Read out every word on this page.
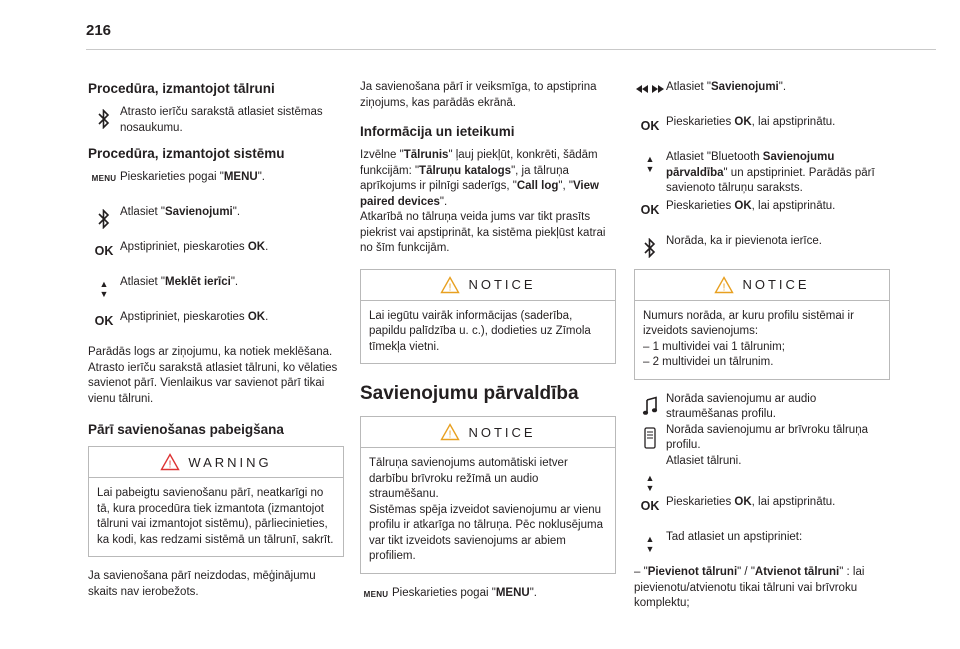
216
Procedūra, izmantojot tālruni
Atrasto ierīču sarakstā atlasiet sistēmas nosaukumu.
Procedūra, izmantojot sistēmu
MENU Pieskarieties pogai "MENU".
Atlasiet "Savienojumi".
OK Apstipriniet, pieskaroties OK.
▲
▼
Atlasiet "Meklēt ierīci".
OK Apstipriniet, pieskaroties OK.

Parādās logs ar ziņojumu, ka notiek meklēšana. Atrasto ierīču sarakstā atlasiet tālruni, ko vēlaties savienot pārī. Vienlaikus var savienot pārī tikai vienu tālruni.

Pārī savienošanas pabeigšana
! WARNING

Lai pabeigtu savienošanu pārī, neatkarīgi no tā, kura procedūra tiek izmantota (izmantojot tālruni vai izmantojot sistēmu), pārliecinieties, ka kodi, kas redzami sistēmā un tālrunī, sakrīt.

Ja savienošana pārī neizdodas, mēģinājumu skaits nav ierobežots.

Ja savienošana pārī ir veiksmīga, to apstiprina ziņojums, kas parādās ekrānā.

Informācija un ieteikumi

Izvēlne "Tālrunis" ļauj piekļūt, konkrēti, šādām funkcijām: "Tālruņu katalogs", ja tālruņa aprīkojums ir pilnīgi saderīgs, "Call log", "View paired devices".
Atkarībā no tālruņa veida jums var tikt prasīts piekrist vai apstiprināt, ka sistēma piekļūst katrai no šīm funkcijām.

! NOTICE

Lai iegūtu vairāk informācijas (saderība, papildu palīdzība u. c.), dodieties uz Zīmola tīmekļa vietni.

Savienojumu pārvaldība
! NOTICE

Tālruņa savienojums automātiski ietver darbību brīvroku režīmā un audio straumēšanu.
Sistēmas spēja izveidot savienojumu ar vienu profilu ir atkarīga no tālruņa. Pēc noklusējuma var tikt izveidots savienojums ar abiem profiliem.

MENU Pieskarieties pogai "MENU".
Atlasiet "Savienojumi".
OK Pieskarieties OK, lai apstiprinātu.
▲
▼
Atlasiet "Bluetooth Savienojumu pārvaldība" un apstipriniet. Parādās pārī savienoto tālruņu saraksts.
OK Pieskarieties OK, lai apstiprinātu.
Norāda, ka ir pievienota ierīce.
! NOTICE

Numurs norāda, ar kuru profilu sistēmai ir izveidots savienojums:
– 1 multividei vai 1 tālrunim;
– 2 multividei un tālrunim.

Norāda savienojumu ar audio straumēšanas profilu.
Norāda savienojumu ar brīvroku tālruņa profilu.
Atlasiet tālruni.
▲
▼
OK Pieskarieties OK, lai apstiprinātu.
▲
▼
Tad atlasiet un apstipriniet:

– "Pievienot tālruni" / "Atvienot tālruni" : lai pievienotu/atvienotu tikai tālruni vai brīvroku komplektu;
